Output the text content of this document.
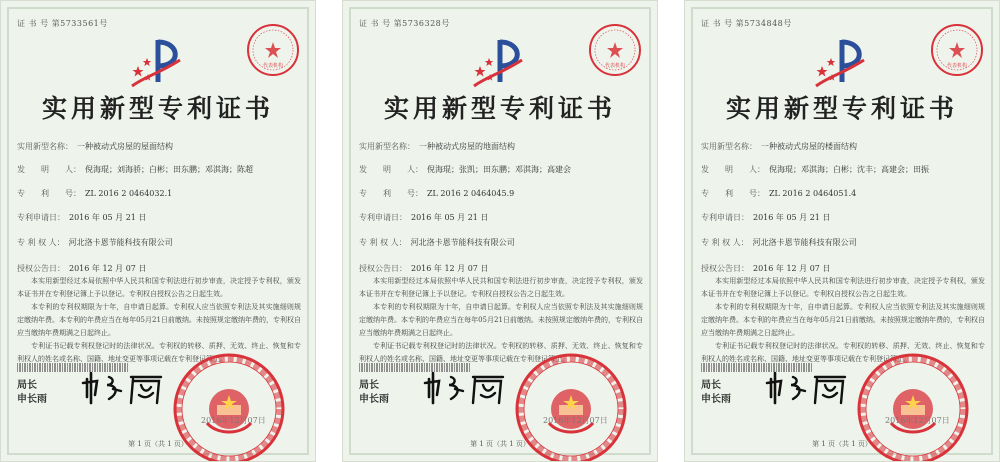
证 书 号 第5733561号
代表机构
实用新型专利证书
实用新型名称： 一种被动式房屋的屋面结构
发　　明　　人： 倪海琨；刘海骄；白彬；田东鹏；邓淇海；陈超
专　　利　　号： ZL 2016 2 0464032.1
专利申请日： 2016 年 05 月 21 日
专 利 权 人： 河北洛卡恩节能科技有限公司
授权公告日： 2016 年 12 月 07 日

本实用新型经过本局依照中华人民共和国专利法进行初步审查，决定授予专利权，颁发本证书并在专利登记簿上予以登记。专利权自授权公告之日起生效。

本专利的专利权期限为十年，自申请日起算。专利权人应当依照专利法及其实施细则规定缴纳年费。本专利的年费应当在每年05月21日前缴纳。未按照规定缴纳年费的，专利权自应当缴纳年费期满之日起终止。

专利证书记载专利权登记时的法律状况。专利权的转移、质押、无效、终止、恢复和专利权人的姓名或名称、国籍、地址变更等事项记载在专利登记簿上。

局长
申长雨
2016年12月07日
第 1 页（共 1 页）
证 书 号 第5736328号
代表机构
实用新型专利证书
实用新型名称： 一种被动式房屋的地面结构
发　　明　　人： 倪海琨；张凯；田东鹏；邓淇海；高建会
专　　利　　号： ZL 2016 2 0464045.9
专利申请日： 2016 年 05 月 21 日
专 利 权 人： 河北洛卡恩节能科技有限公司
授权公告日： 2016 年 12 月 07 日

本实用新型经过本局依照中华人民共和国专利法进行初步审查，决定授予专利权，颁发本证书并在专利登记簿上予以登记。专利权自授权公告之日起生效。

本专利的专利权期限为十年，自申请日起算。专利权人应当依照专利法及其实施细则规定缴纳年费。本专利的年费应当在每年05月21日前缴纳。未按照规定缴纳年费的，专利权自应当缴纳年费期满之日起终止。

专利证书记载专利权登记时的法律状况。专利权的转移、质押、无效、终止、恢复和专利权人的姓名或名称、国籍、地址变更等事项记载在专利登记簿上。

局长
申长雨
2016年12月07日
第 1 页（共 1 页）
证 书 号 第5734848号
代表机构
实用新型专利证书
实用新型名称： 一种被动式房屋的楼面结构
发　　明　　人： 倪海琨；邓淇海；白彬；沈丰；高建会；田振
专　　利　　号： ZL 2016 2 0464051.4
专利申请日： 2016 年 05 月 21 日
专 利 权 人： 河北洛卡恩节能科技有限公司
授权公告日： 2016 年 12 月 07 日

本实用新型经过本局依照中华人民共和国专利法进行初步审查，决定授予专利权，颁发本证书并在专利登记簿上予以登记。专利权自授权公告之日起生效。

本专利的专利权期限为十年，自申请日起算。专利权人应当依照专利法及其实施细则规定缴纳年费。本专利的年费应当在每年05月21日前缴纳。未按照规定缴纳年费的，专利权自应当缴纳年费期满之日起终止。

专利证书记载专利权登记时的法律状况。专利权的转移、质押、无效、终止、恢复和专利权人的姓名或名称、国籍、地址变更等事项记载在专利登记簿上。

局长
申长雨
2016年12月07日
第 1 页（共 1 页）
